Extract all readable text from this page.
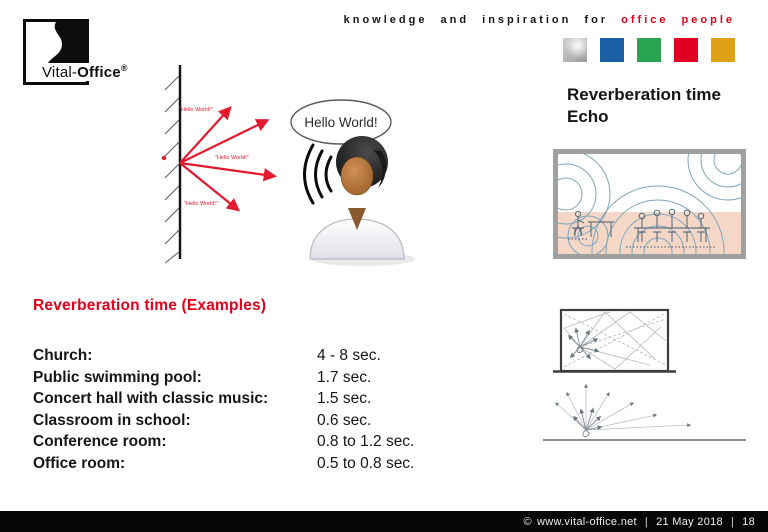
Vital-Office®
knowledge and inspiration for office people
Reverberation time
Echo
"Hello World!"
"Hello World!"
"Hello World!"
Hello World!
Reverberation time (Examples)
Church:	4 - 8 sec.
Public swimming pool:	1.7 sec.
Concert hall with classic music:	1.5 sec.
Classroom in school:	0.6 sec.
Conference room:	0.8 to 1.2 sec.
Office room:	0.5 to 0.8 sec.
© www.vital-office.net | 21 May 2018 | 18
